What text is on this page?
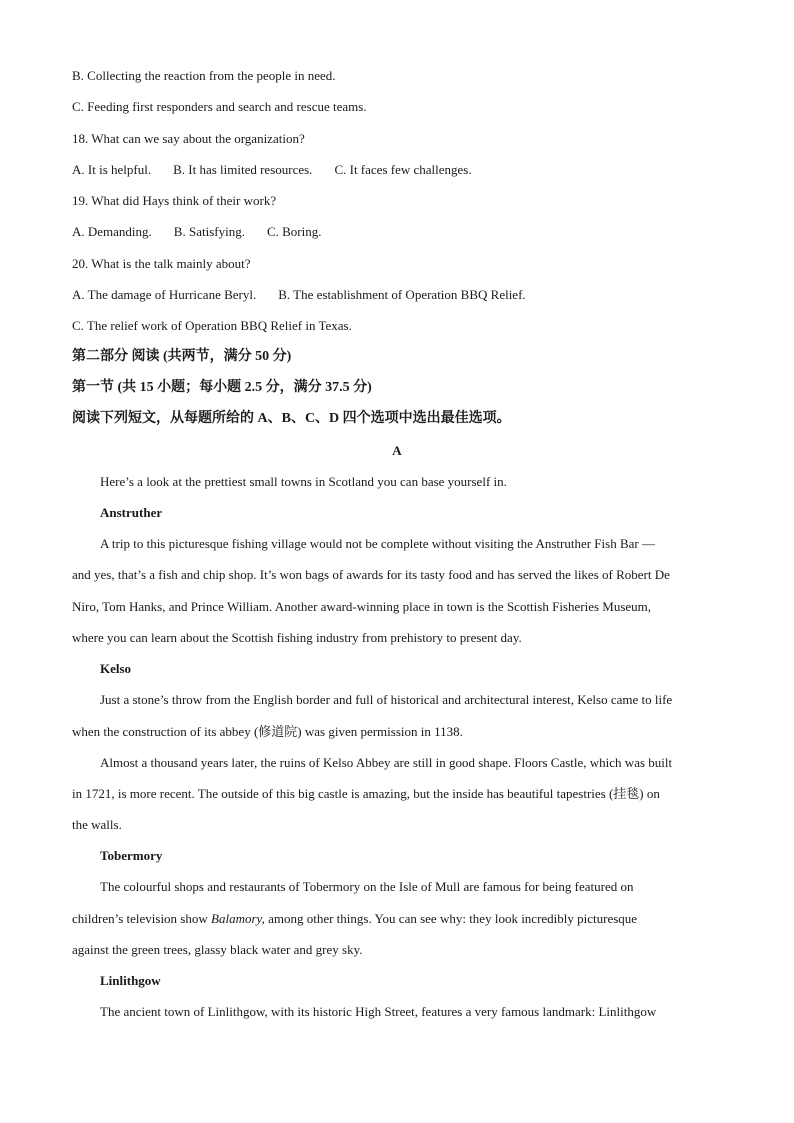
B. Collecting the reaction from the people in need.
C. Feeding first responders and search and rescue teams.
18. What can we say about the organization?
A. It is helpful. B. It has limited resources. C. It faces few challenges.
19. What did Hays think of their work?
A. Demanding. B. Satisfying. C. Boring.
20. What is the talk mainly about?
A. The damage of Hurricane Beryl. B. The establishment of Operation BBQ Relief.
C. The relief work of Operation BBQ Relief in Texas.
第二部分 阅读 (共两节，满分 50 分)
第一节 (共 15 小题；每小题 2.5 分，满分 37.5 分)
阅读下列短文，从每题所给的 A、B、C、D 四个选项中选出最佳选项。
A
Here’s a look at the prettiest small towns in Scotland you can base yourself in.
Anstruther
A trip to this picturesque fishing village would not be complete without visiting the Anstruther Fish Bar —
and yes, that’s a fish and chip shop. It’s won bags of awards for its tasty food and has served the likes of Robert De
Niro, Tom Hanks, and Prince William. Another award-winning place in town is the Scottish Fisheries Museum,
where you can learn about the Scottish fishing industry from prehistory to present day.
Kelso
Just a stone’s throw from the English border and full of historical and architectural interest, Kelso came to life
when the construction of its abbey (修道院) was given permission in 1138.
Almost a thousand years later, the ruins of Kelso Abbey are still in good shape. Floors Castle, which was built
in 1721, is more recent. The outside of this big castle is amazing, but the inside has beautiful tapestries (挂毯) on
the walls.
Tobermory
The colourful shops and restaurants of Tobermory on the Isle of Mull are famous for being featured on
children’s television show Balamory, among other things. You can see why: they look incredibly picturesque
against the green trees, glassy black water and grey sky.
Linlithgow
The ancient town of Linlithgow, with its historic High Street, features a very famous landmark: Linlithgow
